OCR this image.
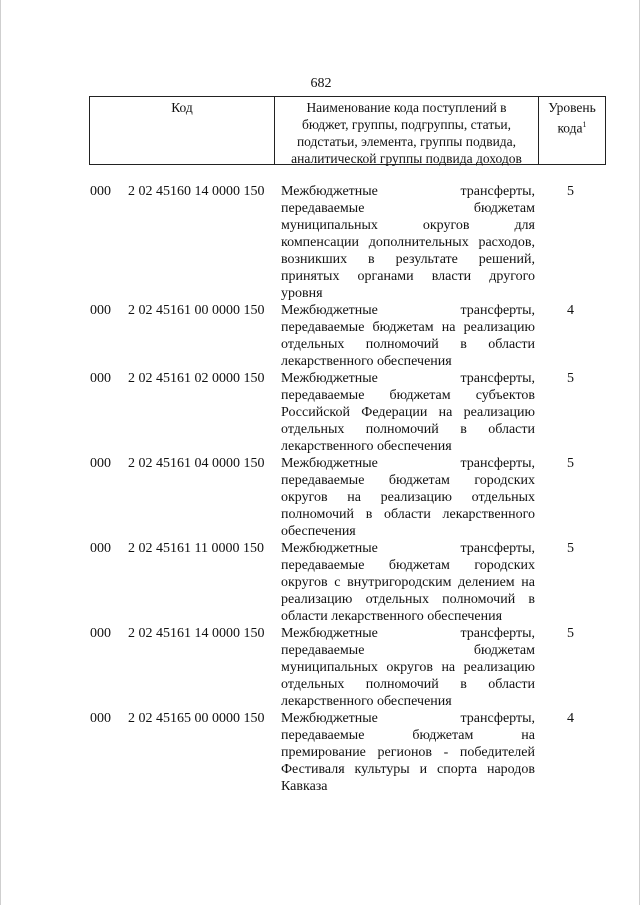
682
Код	Наименование кода поступлений в
бюджет, группы, подгруппы, статьи,
подстатьи, элемента, группы подвида,
аналитической группы подвида доходов
Уровень
кода$^1$
000 2 02 45160 14 0000 150 Межбюджетные трансферты,
передаваемые бюджетам
муниципальных округов для
компенсации дополнительных расходов,
возникших в результате решений,
принятых органами власти другого
уровня
5
000 2 02 45161 00 0000 150 Межбюджетные трансферты,
передаваемые бюджетам на реализацию
отдельных полномочий в области
лекарственного обеспечения
4
000 2 02 45161 02 0000 150 Межбюджетные трансферты,
передаваемые бюджетам субъектов
Российской Федерации на реализацию
отдельных полномочий в области
лекарственного обеспечения
5
000 2 02 45161 04 0000 150 Межбюджетные трансферты,
передаваемые бюджетам городских
округов на реализацию отдельных
полномочий в области лекарственного
обеспечения
5
000 2 02 45161 11 0000 150 Межбюджетные трансферты,
передаваемые бюджетам городских
округов с внутригородским делением на
реализацию отдельных полномочий в
области лекарственного обеспечения
5
000 2 02 45161 14 0000 150 Межбюджетные трансферты,
передаваемые бюджетам
муниципальных округов на реализацию
отдельных полномочий в области
лекарственного обеспечения
5
000 2 02 45165 00 0000 150 Межбюджетные трансферты,
передаваемые бюджетам на
премирование регионов - победителей
Фестиваля культуры и спорта народов
Кавказа
4
